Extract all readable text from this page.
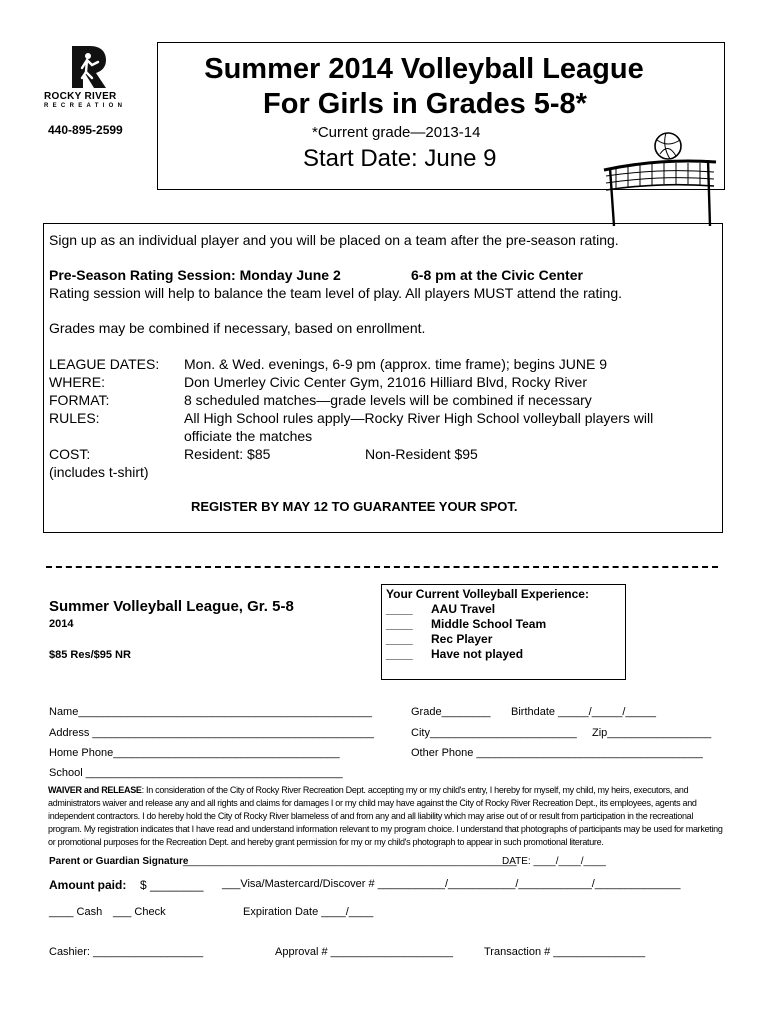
ROCKY RIVER
RECREATION
440-895-2599
Summer 2014 Volleyball League
For Girls in Grades 5-8*
*Current grade—2013-14
Start Date: June 9
Sign up as an individual player and you will be placed on a team after the pre-season rating.
Pre-Season Rating Session: Monday June 2	6-8 pm at the Civic Center
Rating session will help to balance the team level of play. All players MUST attend the rating.
Grades may be combined if necessary, based on enrollment.
LEAGUE DATES: Mon. & Wed. evenings, 6-9 pm (approx. time frame); begins JUNE 9
WHERE:	Don Umerley Civic Center Gym, 21016 Hilliard Blvd, Rocky River
FORMAT:	8 scheduled matches—grade levels will be combined if necessary
RULES:	All High School rules apply—Rocky River High School volleyball players will
officiate the matches
COST:	Resident: $85	Non-Resident $95
(includes t-shirt)
REGISTER BY MAY 12 TO GUARANTEE YOUR SPOT.
Summer Volleyball League, Gr. 5-8
2014
$85 Res/$95 NR
Your Current Volleyball Experience:
____ AAU Travel
____ Middle School Team
____ Rec Player
____ Have not played
Name________________________________________________	Grade________ Birthdate _____/_____/_____
Address ______________________________________________	City________________________ Zip_________________
Home Phone_____________________________________	Other Phone _____________________________________
School __________________________________________
WAIVER and RELEASE: In consideration of the City of Rocky River Recreation Dept. accepting my or my child's entry, I hereby for myself, my child, my heirs, executors, and administrators waiver and release any and all rights and claims for damages I or my child may have against the City of Rocky River Recreation Dept., its employees, agents and independent contractors. I do hereby hold the City of Rocky River blameless of and from any and all liability which may arise out of or result from participation in the recreational program. My registration indicates that I have read and understand information relevant to my program choice. I understand that photographs of participants may be used for marketing or promotional purposes for the Recreation Dept. and hereby grant permission for my or my child's photograph to appear in such promotional literature.
Parent or Guardian Signature
____________________________________________________________
DATE: ____/____/____
Amount paid: $ ________ ___Visa/Mastercard/Discover # ___________/___________/____________/______________
____ Cash ___ Check	Expiration Date ____/____
Cashier: __________________	Approval # ____________________	Transaction # _______________
